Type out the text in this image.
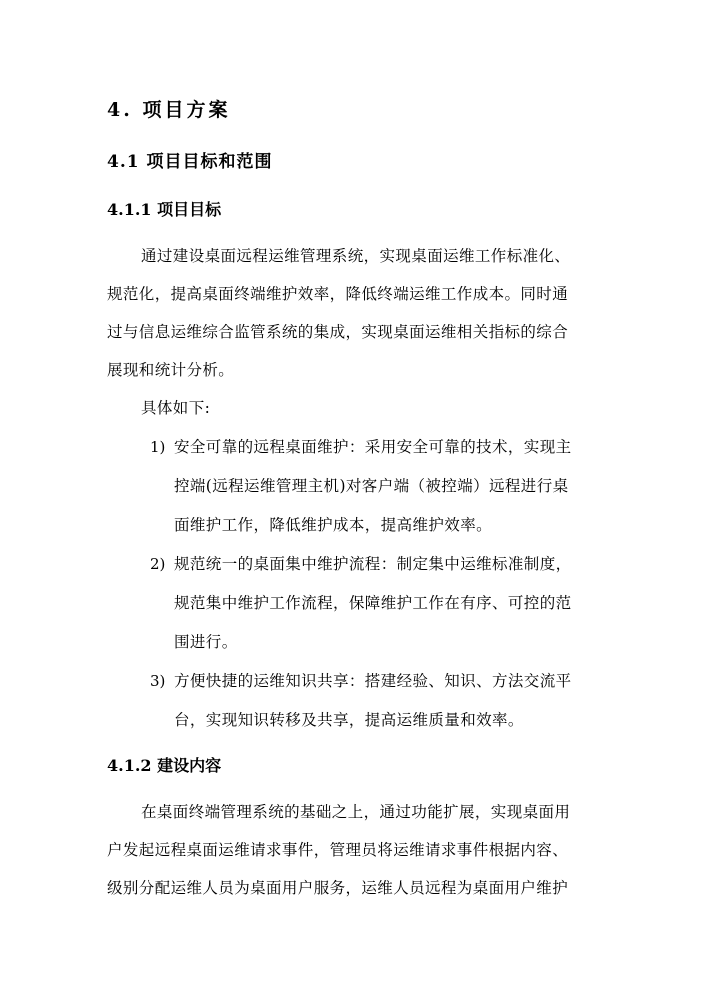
4. 项目方案
4.1 项目目标和范围
4.1.1 项目目标
通过建设桌面远程运维管理系统，实现桌面运维工作标准化、
规范化，提高桌面终端维护效率，降低终端运维工作成本。同时通
过与信息运维综合监管系统的集成，实现桌面运维相关指标的综合
展现和统计分析。
具体如下:
1) 安全可靠的远程桌面维护：采用安全可靠的技术，实现主
控端(远程运维管理主机)对客户端（被控端）远程进行桌
面维护工作，降低维护成本，提高维护效率。
2) 规范统一的桌面集中维护流程：制定集中运维标准制度，
规范集中维护工作流程，保障维护工作在有序、可控的范
围进行。
3) 方便快捷的运维知识共享：搭建经验、知识、方法交流平
台，实现知识转移及共享，提高运维质量和效率。
4.1.2 建设内容
在桌面终端管理系统的基础之上，通过功能扩展，实现桌面用
户发起远程桌面运维请求事件，管理员将运维请求事件根据内容、
级别分配运维人员为桌面用户服务，运维人员远程为桌面用户维护
